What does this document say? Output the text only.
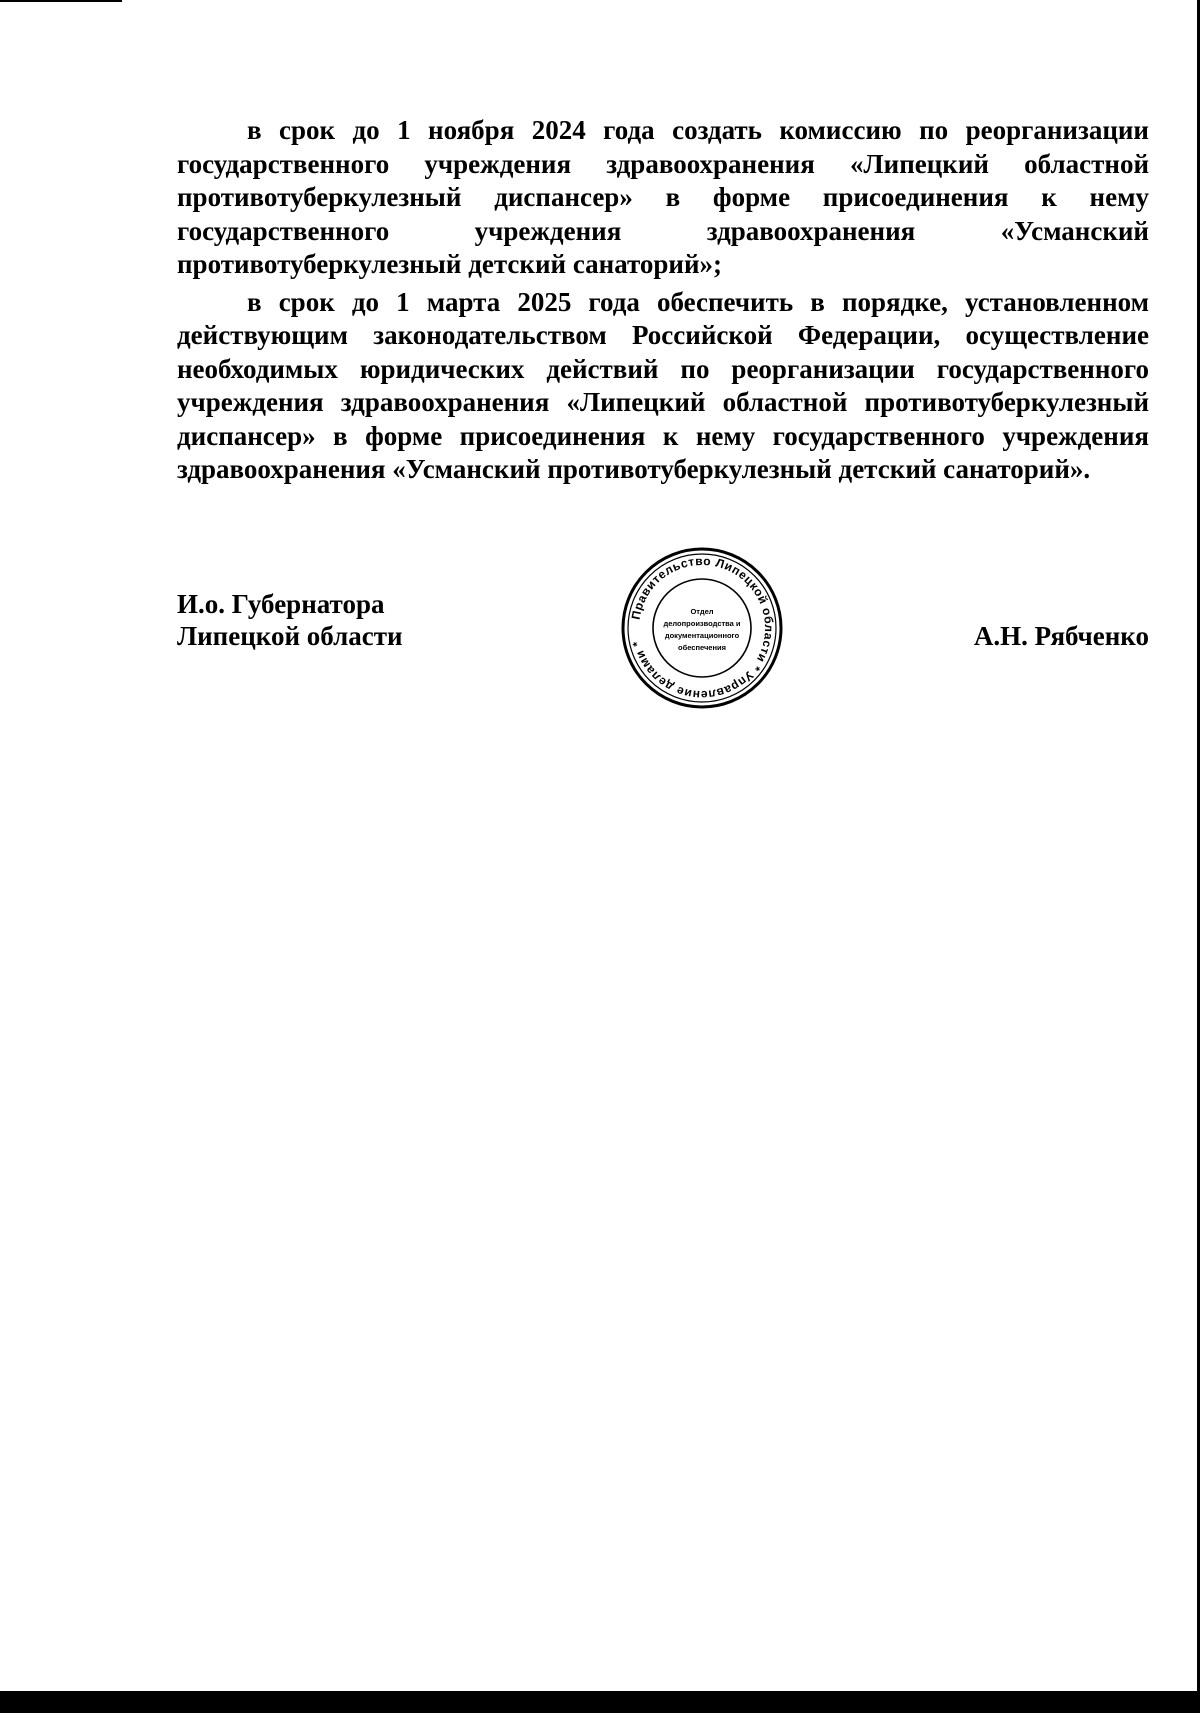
в срок до 1 ноября 2024 года создать комиссию по реорганизации государственного учреждения здравоохранения «Липецкий областной противотуберкулезный диспансер» в форме присоединения к нему государственного учреждения здравоохранения «Усманский противотуберкулезный детский санаторий»;

в срок до 1 марта 2025 года обеспечить в порядке, установленном действующим законодательством Российской Федерации, осуществление необходимых юридических действий по реорганизации государственного учреждения здравоохранения «Липецкий областной противотуберкулезный диспансер» в форме присоединения к нему государственного учреждения здравоохранения «Усманский противотуберкулезный детский санаторий».

И.о. Губернатора
Липецкой области
Правительство Липецкой области * Управление делами *
Отдел
делопроизводства и
документационного
обеспечения	А.Н. Рябченко
